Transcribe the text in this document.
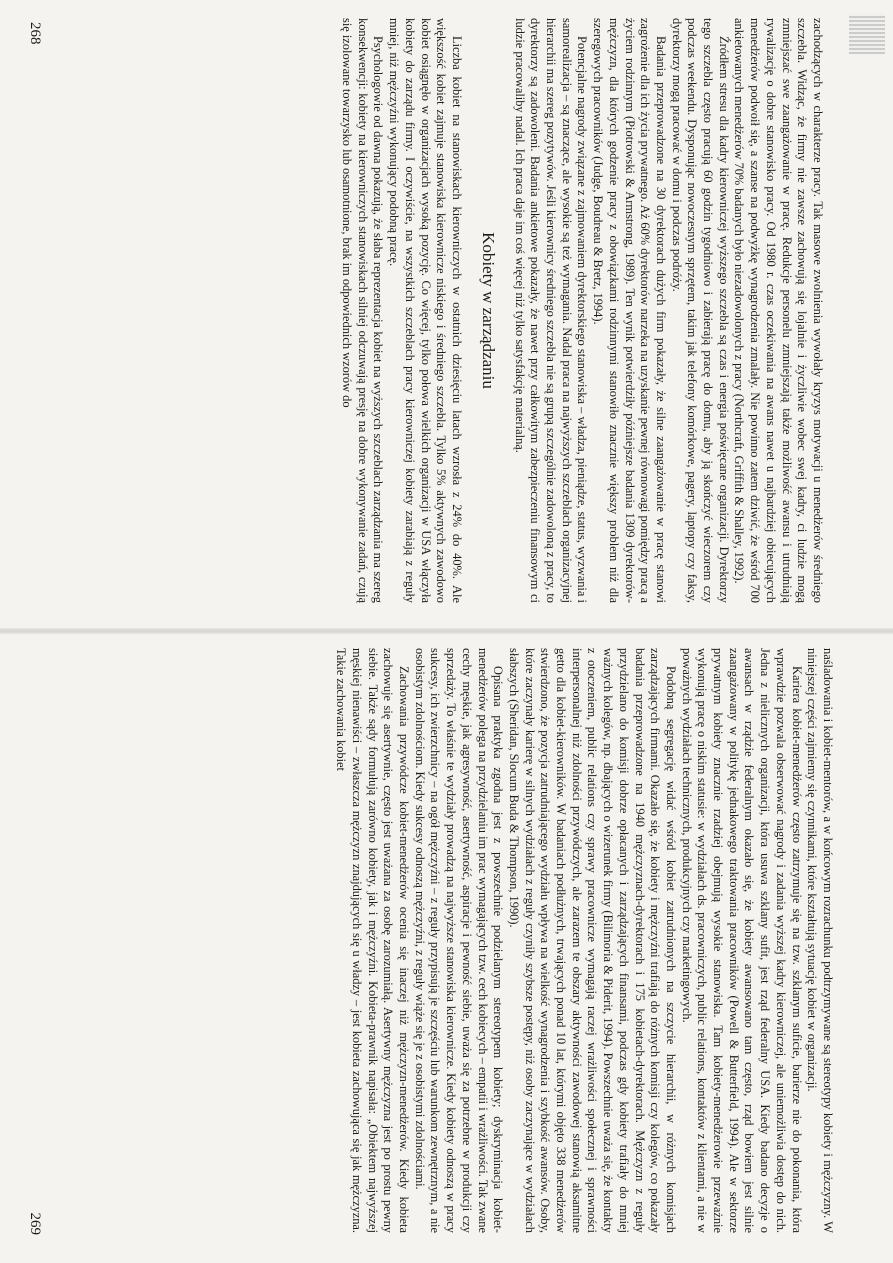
zachodzących w charakterze pracy. Tak masowe zwolnienia wywołały kryzys motywacji u menedżerów średniego szczebla. Widząc, że firmy nie zawsze zachowują się lojalnie i życzliwie wobec swej kadry, ci ludzie mogą zmniejszać swe zaangażowanie w pracę. Redukcje personelu zmniejszają także możliwość awansu i utrudniają rywalizację o dobre stanowisko pracy. Od 1980 r. czas oczekiwania na awans nawet u najbardziej obiecujących menedżerów podwoił się, a szanse na podwyżkę wynagrodzenia zmalały. Nie powinno zatem dziwić, że wśród 700 ankietowanych menedżerów 70% badanych było niezadowolonych z pracy (Northcraft, Griffith & Shalley, 1992).

Źródłem stresu dla kadry kierowniczej wyższego szczebla są czas i energia poświęcane organizacji. Dyrektorzy tego szczebla często pracują 60 godzin tygodniowo i zabierają pracę do domu, aby ją skończyć wieczorem czy podczas weekendu. Dysponując nowoczesnym sprzętem, takim jak telefony komórkowe, pagery, laptopy czy faksy, dyrektorzy mogą pracować w domu i podczas podróży.

Badania przeprowadzone na 30 dyrektorach dużych firm pokazały, że silne zaangażowanie w pracę stanowi zagrożenie dla ich życia prywatnego. Aż 60% dyrektorów narzeka na uzyskanie pewnej równowagi pomiędzy pracą a życiem rodzinnym (Piotrowski & Armstrong, 1989). Ten wynik potwierdziły późniejsze badania 1309 dyrektorów-mężczyzn, dla których godzenie pracy z obowiązkami rodzinnymi stanowiło znacznie większy problem niż dla szeregowych pracowników (Judge, Boudreau & Bretz, 1994).

Potencjalne nagrody związane z zajmowaniem dyrektorskiego stanowiska – władza, pieniądze, status, wyzwania i samorealizacja – są znaczące, ale wysokie są też wymagania. Nadal praca na najwyższych szczeblach organizacyjnej hierarchii ma szereg pozytywów. Jeśli kierownicy średniego szczebla nie są grupą szczególnie zadowoloną z pracy, to dyrektorzy są zadowoleni. Badania ankietowe pokazały, że nawet przy całkowitym zabezpieczeniu finansowym ci ludzie pracowaliby nadal. Ich praca daje im coś więcej niż tylko satysfakcję materialną.

Kobiety w zarządzaniu

Liczba kobiet na stanowiskach kierowniczych w ostatnich dziesięciu latach wzrosła z 24% do 40%. Ale większość kobiet zajmuje stanowiska kierownicze niskiego i średniego szczebla. Tylko 5% aktywnych zawodowo kobiet osiągnęło w organizacjach wysoką pozycję. Co więcej, tylko połowa wielkich organizacji w USA włączyła kobiety do zarządu firmy. I oczywiście, na wszystkich szczeblach pracy kierowniczej kobiety zarabiają z reguły mniej, niż mężczyźni wykonujący podobną pracę.

Psychologowie od dawna pokazują, że słaba reprezentacja kobiet na wyższych szczeblach zarządzania ma szereg konsekwencji: kobiety na kierowniczych stanowiskach silniej odczuwają presję na dobre wykonywanie zadań, czują się izolowane towarzysko lub osamotnione, brak im odpowiednich wzorów do

268

naśladowania i kobiet-mentorów, a w końcowym rozrachunku podtrzymywane są stereotypy kobiety i mężczyzny. W niniejszej części zajmiemy się czynnikami, które kształtują sytuację kobiet w organizacji.

Kariera kobiet-menedżerów często zatrzymuje się na tzw. szklanym suficie, barierze nie do pokonania, która wprawdzie pozwala obserwować nagrody i zadania wyższej kadry kierowniczej, ale uniemożliwia dostęp do nich. Jedna z nielicznych organizacji, która usuwa szklany sufit, jest rząd federalny USA. Kiedy badano decyzje o awansach w rządzie federalnym okazało się, że kobiety awansowano tam często, rząd bowiem jest silnie zaangażowany w politykę jednakowego traktowania pracowników (Powell & Butterfield, 1994). Ale w sektorze prywatnym kobiety znacznie rzadziej obejmują wysokie stanowiska. Tam kobiety-menedżerowie przeważnie wykonują pracę o niskim statusie: w wydziałach ds. pracowniczych, public relations, kontaktów z klientami, a nie w poważnych wydziałach technicznych, produkcyjnych czy marketingowych.

Podobną segregację widać wśród kobiet zatrudnionych na szczycie hierarchii, w różnych komisjach zarządzających firmami. Okazało się, że kobiety i mężczyźni trafiają do różnych komisji czy kolegów, co pokazały badania przeprowadzone na 1940 mężczyznach-dyrektorach i 175 kobietach-dyrektorach. Mężczyzn z reguły przydzielano do komisji dobrze opłacanych i zarządzających finansami, podczas gdy kobiety trafiały do mniej ważnych kolegów, np. dbających o wizerunek firmy (Bilimoria & Piderit, 1994). Powszechnie uważa się, że kontakty z otoczeniem, public relations czy sprawy pracownicze wymagają raczej wrażliwości społecznej i sprawności interpersonalnej niż zdolności przywódczych, ale zarazem te obszary aktywności zawodowej stanowią aksamitne getto dla kobiet-kierowników. W badaniach podłużnych, trwających ponad 10 lat, którymi objęto 338 menedżerów stwierdzono, że pozycja zatrudniającego wydziału wpływa na wielkość wynagrodzenia i szybkość awansów. Osoby, które zaczynały karierę w silnych wydziałach z reguły czyniły szybsze postępy, niż osoby zaczynające w wydziałach słabszych (Sheridan, Slocum Buda & Thompson, 1990).

Opisana praktyka zgodna jest z powszechnie podzielanym stereotypem kobiety; dyskryminacja kobiet-menedżerów polega na przydzielaniu im prac wymagających tzw. cech kobiecych – empatii i wrażliwości. Tak zwane cechy męskie, jak agresywność, asertywność, aspiracje i pewność siebie, uważa się za potrzebne w produkcji czy sprzedaży. To właśnie te wydziały prowadzą na najwyższe stanowiska kierownicze. Kiedy kobiety odnoszą w pracy sukcesy, ich zwierzchnicy – na ogół mężczyźni – z reguły przypisują je szczęściu lub warunkom zewnętrznym, a nie osobistym zdolnościom. Kiedy sukcesy odnoszą mężczyźni, z reguły wiąże się je z osobistymi zdolnościami.

Zachowania przywódcze kobiet-menedżerów ocenia się inaczej niż mężczyzn-menedżerów. Kiedy kobieta zachowuje się asertywnie, często jest uważana za osobę zarozumiałą. Asertywny mężczyzna jest po prostu pewny siebie. Także sądy formułują zarówno kobiety, jak i mężczyźni. Kobieta-prawnik napisała: „Obiektem najwyższej męskiej nienawiści – zwłaszcza mężczyzn znajdujących się u władzy – jest kobieta zachowująca się jak mężczyzna. Takie zachowania kobiet

269
